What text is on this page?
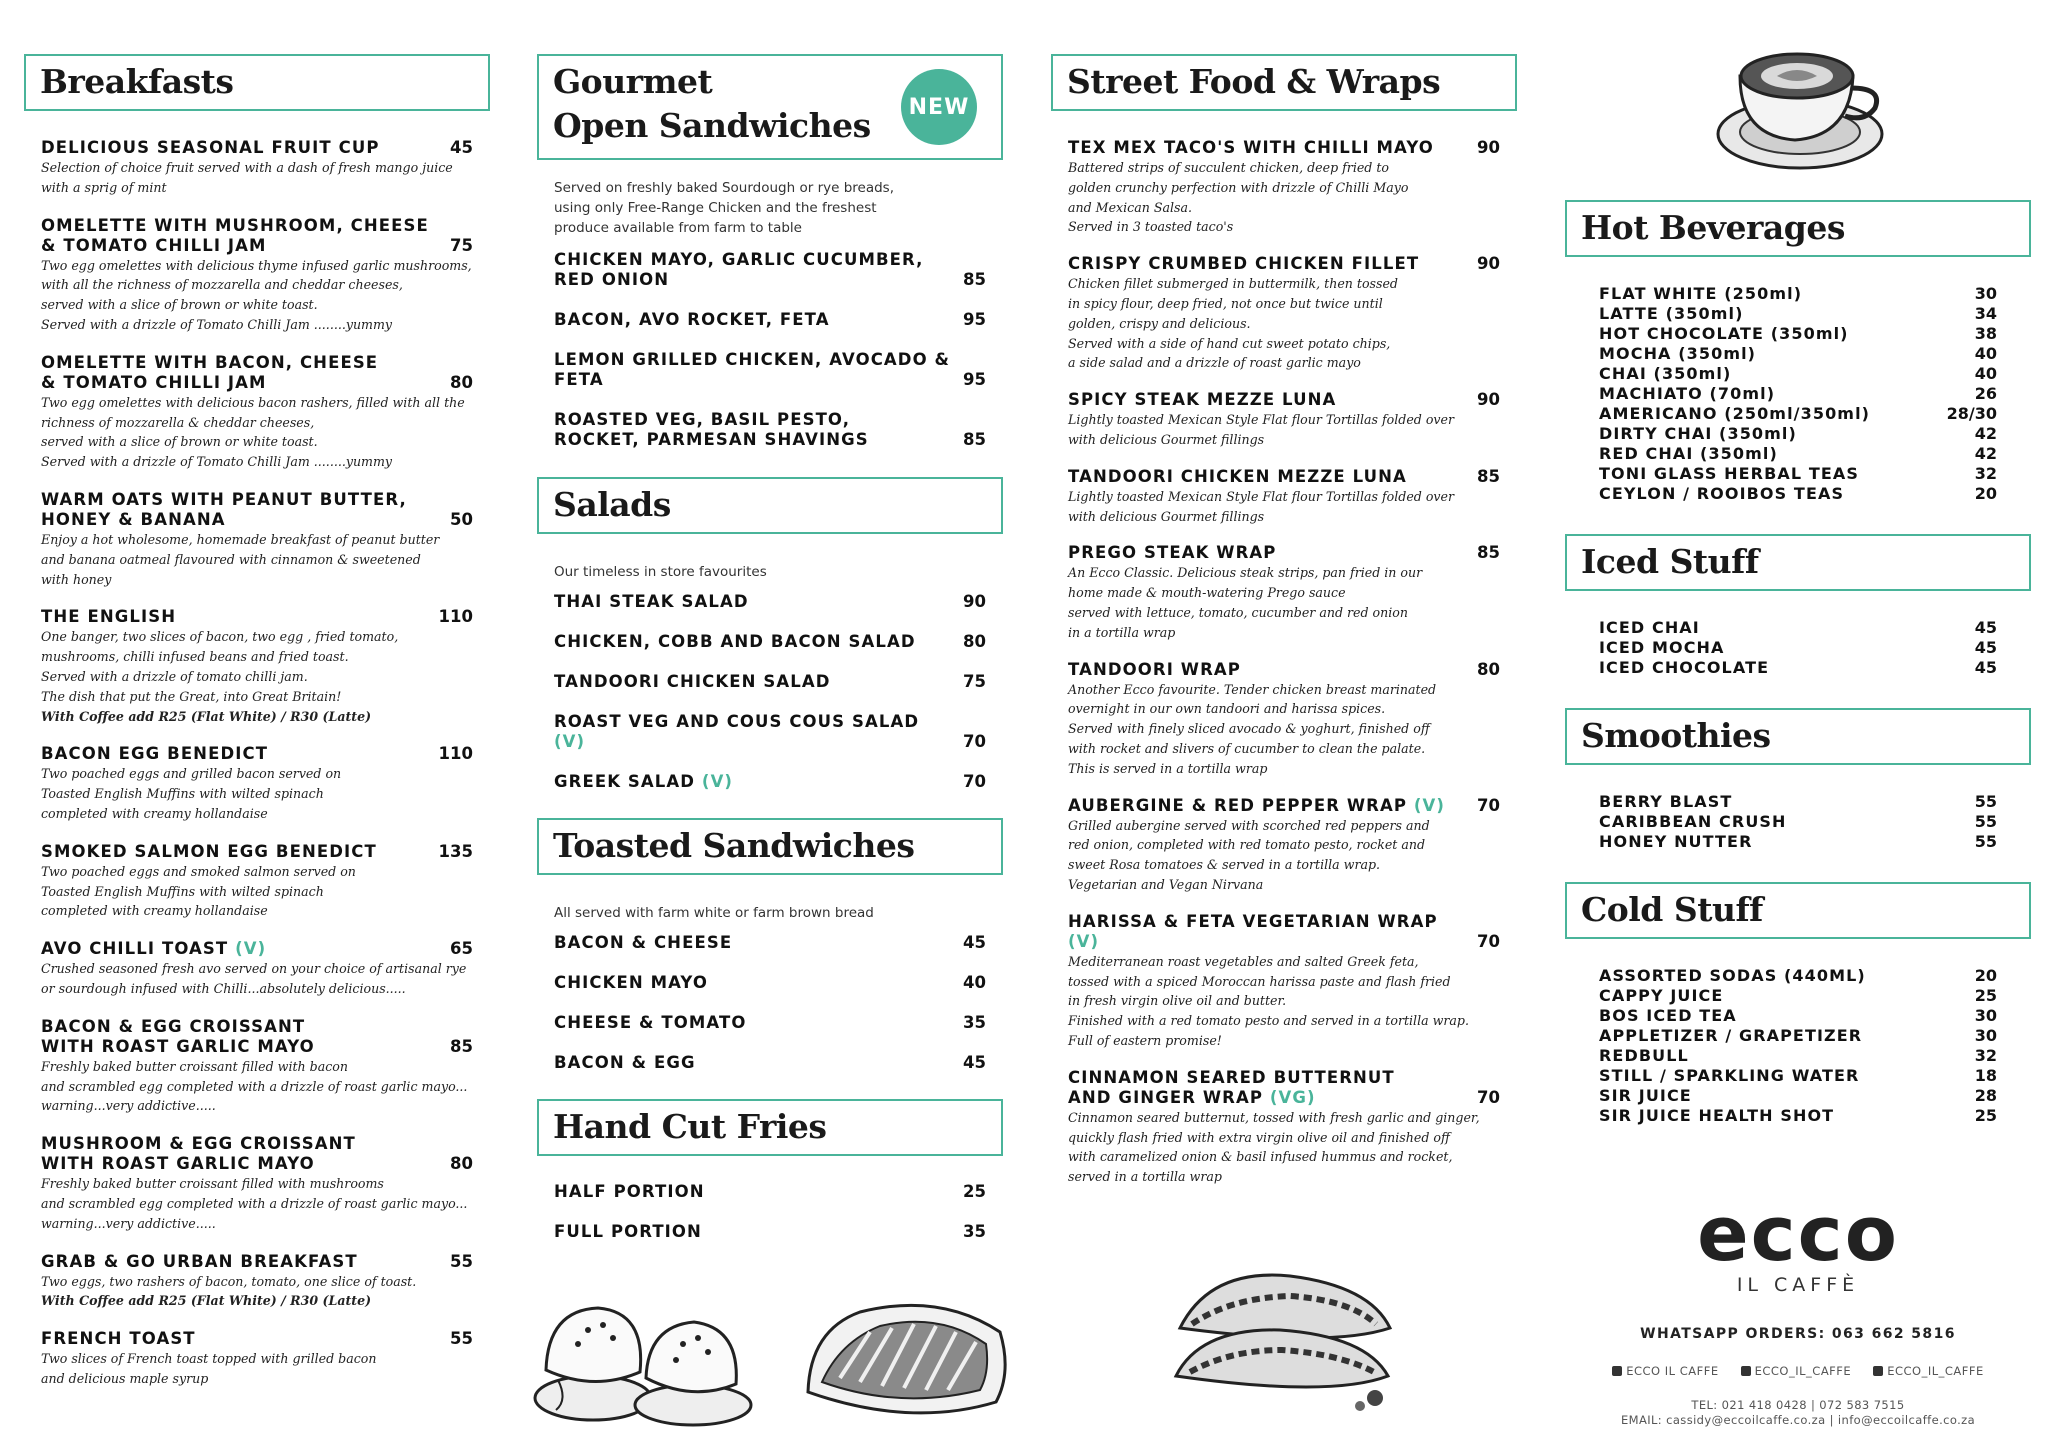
Breakfasts
DELICIOUS SEASONAL FRUIT CUP	45
Selection of choice fruit served with a dash of fresh mango juice
with a sprig of mint
OMELETTE WITH MUSHROOM, CHEESE
& TOMATO CHILLI JAM	75
Two egg omelettes with delicious thyme infused garlic mushrooms,
with all the richness of mozzarella and cheddar cheeses,
served with a slice of brown or white toast.
Served with a drizzle of Tomato Chilli Jam ........yummy
OMELETTE WITH BACON, CHEESE
& TOMATO CHILLI JAM	80
Two egg omelettes with delicious bacon rashers, filled with all the
richness of mozzarella & cheddar cheeses,
served with a slice of brown or white toast.
Served with a drizzle of Tomato Chilli Jam ........yummy
WARM OATS WITH PEANUT BUTTER,
HONEY & BANANA	50
Enjoy a hot wholesome, homemade breakfast of peanut butter
and banana oatmeal flavoured with cinnamon & sweetened
with honey
THE ENGLISH	110
One banger, two slices of bacon, two egg , fried tomato,
mushrooms, chilli infused beans and fried toast.
Served with a drizzle of tomato chilli jam.
The dish that put the Great, into Great Britain!
With Coffee add R25 (Flat White) / R30 (Latte)
BACON EGG BENEDICT	110
Two poached eggs and grilled bacon served on
Toasted English Muffins with wilted spinach
completed with creamy hollandaise
SMOKED SALMON EGG BENEDICT	135
Two poached eggs and smoked salmon served on
Toasted English Muffins with wilted spinach
completed with creamy hollandaise
AVO CHILLI TOAST (V)	65
Crushed seasoned fresh avo served on your choice of artisanal rye
or sourdough infused with Chilli...absolutely delicious.....
BACON & EGG CROISSANT
WITH ROAST GARLIC MAYO	85
Freshly baked butter croissant filled with bacon
and scrambled egg completed with a drizzle of roast garlic mayo...
warning...very addictive.....
MUSHROOM & EGG CROISSANT
WITH ROAST GARLIC MAYO	80
Freshly baked butter croissant filled with mushrooms
and scrambled egg completed with a drizzle of roast garlic mayo...
warning...very addictive.....
GRAB & GO URBAN BREAKFAST	55
Two eggs, two rashers of bacon, tomato, one slice of toast.
With Coffee add R25 (Flat White) / R30 (Latte)
FRENCH TOAST	55
Two slices of French toast topped with grilled bacon
and delicious maple syrup
Gourmet
Open Sandwiches	NEW
Served on freshly baked Sourdough or rye breads,
using only Free-Range Chicken and the freshest
produce available from farm to table
CHICKEN MAYO, GARLIC CUCUMBER,
RED ONION	85
BACON, AVO ROCKET, FETA	95
LEMON GRILLED CHICKEN, AVOCADO & FETA	95
ROASTED VEG, BASIL PESTO,
ROCKET, PARMESAN SHAVINGS	85
Salads
Our timeless in store favourites
THAI STEAK SALAD	90
CHICKEN, COBB AND BACON SALAD	80
TANDOORI CHICKEN SALAD	75
ROAST VEG AND COUS COUS SALAD (V)	70
GREEK SALAD (V)	70
Toasted Sandwiches
All served with farm white or farm brown bread
BACON & CHEESE	45
CHICKEN MAYO	40
CHEESE & TOMATO	35
BACON & EGG	45
Hand Cut Fries
HALF PORTION	25
FULL PORTION	35
Street Food & Wraps
TEX MEX TACO'S WITH CHILLI MAYO	90
Battered strips of succulent chicken, deep fried to
golden crunchy perfection with drizzle of Chilli Mayo
and Mexican Salsa.
Served in 3 toasted taco's
CRISPY CRUMBED CHICKEN FILLET	90
Chicken fillet submerged in buttermilk, then tossed
in spicy flour, deep fried, not once but twice until
golden, crispy and delicious.
Served with a side of hand cut sweet potato chips,
a side salad and a drizzle of roast garlic mayo
SPICY STEAK MEZZE LUNA	90
Lightly toasted Mexican Style Flat flour Tortillas folded over
with delicious Gourmet fillings
TANDOORI CHICKEN MEZZE LUNA	85
Lightly toasted Mexican Style Flat flour Tortillas folded over
with delicious Gourmet fillings
PREGO STEAK WRAP	85
An Ecco Classic. Delicious steak strips, pan fried in our
home made & mouth-watering Prego sauce
served with lettuce, tomato, cucumber and red onion
in a tortilla wrap
TANDOORI WRAP	80
Another Ecco favourite. Tender chicken breast marinated
overnight in our own tandoori and harissa spices.
Served with finely sliced avocado & yoghurt, finished off
with rocket and slivers of cucumber to clean the palate.
This is served in a tortilla wrap
AUBERGINE & RED PEPPER WRAP (V)	70
Grilled aubergine served with scorched red peppers and
red onion, completed with red tomato pesto, rocket and
sweet Rosa tomatoes & served in a tortilla wrap.
Vegetarian and Vegan Nirvana
HARISSA & FETA VEGETARIAN WRAP (V)	70
Mediterranean roast vegetables and salted Greek feta,
tossed with a spiced Moroccan harissa paste and flash fried
in fresh virgin olive oil and butter.
Finished with a red tomato pesto and served in a tortilla wrap.
Full of eastern promise!
CINNAMON SEARED BUTTERNUT
AND GINGER WRAP (VG)	70
Cinnamon seared butternut, tossed with fresh garlic and ginger,
quickly flash fried with extra virgin olive oil and finished off
with caramelized onion & basil infused hummus and rocket,
served in a tortilla wrap
Hot Beverages
FLAT WHITE (250ml)	30
LATTE (350ml)	34
HOT CHOCOLATE (350ml)	38
MOCHA (350ml)	40
CHAI (350ml)	40
MACHIATO (70ml)	26
AMERICANO (250ml/350ml)	28/30
DIRTY CHAI (350ml)	42
RED CHAI (350ml)	42
TONI GLASS HERBAL TEAS	32
CEYLON / ROOIBOS TEAS	20
Iced Stuff
ICED CHAI	45
ICED MOCHA	45
ICED CHOCOLATE	45
Smoothies
BERRY BLAST	55
CARIBBEAN CRUSH	55
HONEY NUTTER	55
Cold Stuff
ASSORTED SODAS (440ML)	20
CAPPY JUICE	25
BOS ICED TEA	30
APPLETIZER / GRAPETIZER	30
REDBULL	32
STILL / SPARKLING WATER	18
SIR JUICE	28
SIR JUICE HEALTH SHOT	25
ecco
IL CAFFÈ
WHATSAPP ORDERS: 063 662 5816
ECCO IL CAFFE	ECCO_IL_CAFFE	ECCO_IL_CAFFE
TEL: 021 418 0428 | 072 583 7515
EMAIL: cassidy@eccoilcaffe.co.za | info@eccoilcaffe.co.za
